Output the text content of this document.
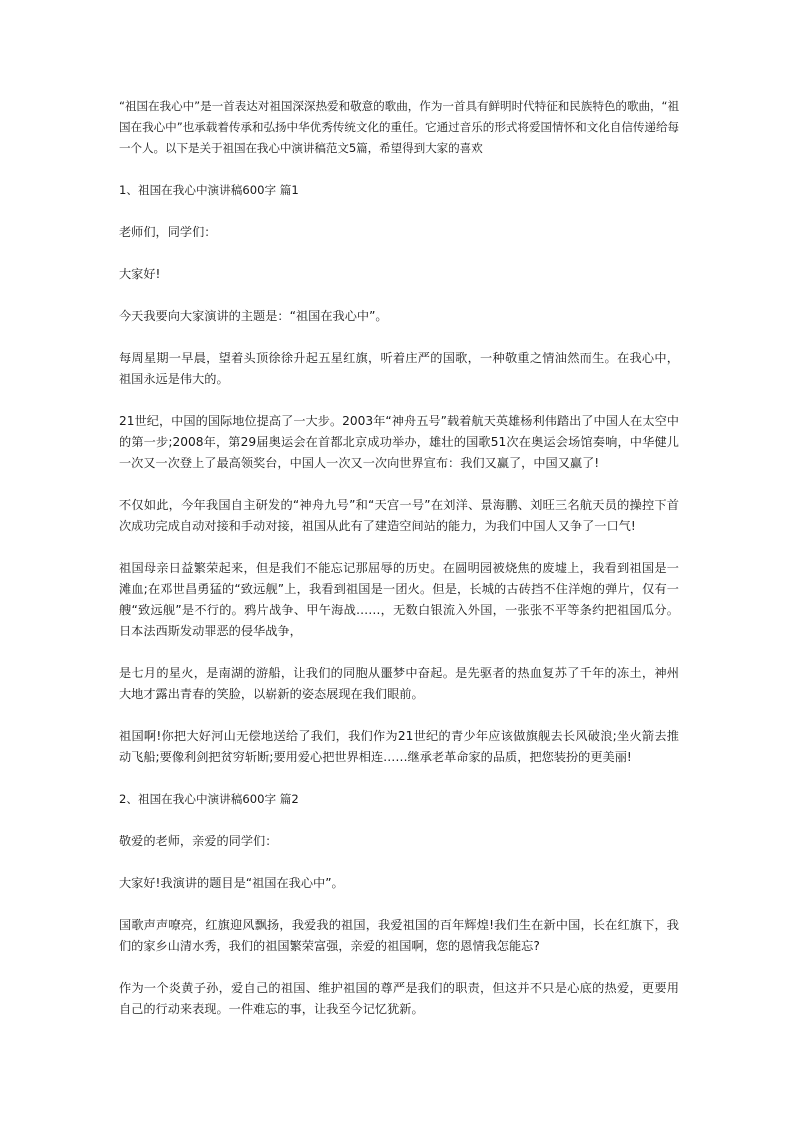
“祖国在我心中”是一首表达对祖国深深热爱和敬意的歌曲，作为一首具有鲜明时代特征和民族特色的歌曲，“祖国在我心中”也承载着传承和弘扬中华优秀传统文化的重任。它通过音乐的形式将爱国情怀和文化自信传递给每一个人。以下是关于祖国在我心中演讲稿范文5篇，希望得到大家的喜欢

1、祖国在我心中演讲稿600字 篇1

老师们，同学们：

大家好!

今天我要向大家演讲的主题是：“祖国在我心中”。

每周星期一早晨，望着头顶徐徐升起五星红旗，听着庄严的国歌，一种敬重之情油然而生。在我心中，祖国永远是伟大的。

21世纪，中国的国际地位提高了一大步。2003年“神舟五号”载着航天英雄杨利伟踏出了中国人在太空中的第一步;2008年，第29届奥运会在首都北京成功举办，雄壮的国歌51次在奥运会场馆奏响，中华健儿一次又一次登上了最高领奖台，中国人一次又一次向世界宣布：我们又赢了，中国又赢了!

不仅如此，今年我国自主研发的“神舟九号”和“天宫一号”在刘洋、景海鹏、刘旺三名航天员的操控下首次成功完成自动对接和手动对接，祖国从此有了建造空间站的能力，为我们中国人又争了一口气!

祖国母亲日益繁荣起来，但是我们不能忘记那屈辱的历史。在圆明园被烧焦的废墟上，我看到祖国是一滩血;在邓世昌勇猛的“致远舰”上，我看到祖国是一团火。但是，长城的古砖挡不住洋炮的弹片，仅有一艘“致远舰”是不行的。鸦片战争、甲午海战……，无数白银流入外国，一张张不平等条约把祖国瓜分。日本法西斯发动罪恶的侵华战争，

是七月的星火，是南湖的游船，让我们的同胞从噩梦中奋起。是先驱者的热血复苏了千年的冻土，神州大地才露出青春的笑脸，以崭新的姿态展现在我们眼前。

祖国啊!你把大好河山无偿地送给了我们，我们作为21世纪的青少年应该做旗舰去长风破浪;坐火箭去推动飞船;要像利剑把贫穷斩断;要用爱心把世界相连……继承老革命家的品质，把您装扮的更美丽!

2、祖国在我心中演讲稿600字 篇2

敬爱的老师，亲爱的同学们：

大家好!我演讲的题目是“祖国在我心中”。

国歌声声嘹亮，红旗迎风飘扬，我爱我的祖国，我爱祖国的百年辉煌!我们生在新中国，长在红旗下，我们的家乡山清水秀，我们的祖国繁荣富强，亲爱的祖国啊，您的恩情我怎能忘?

作为一个炎黄子孙，爱自己的祖国、维护祖国的尊严是我们的职责，但这并不只是心底的热爱，更要用自己的行动来表现。一件难忘的事，让我至今记忆犹新。
